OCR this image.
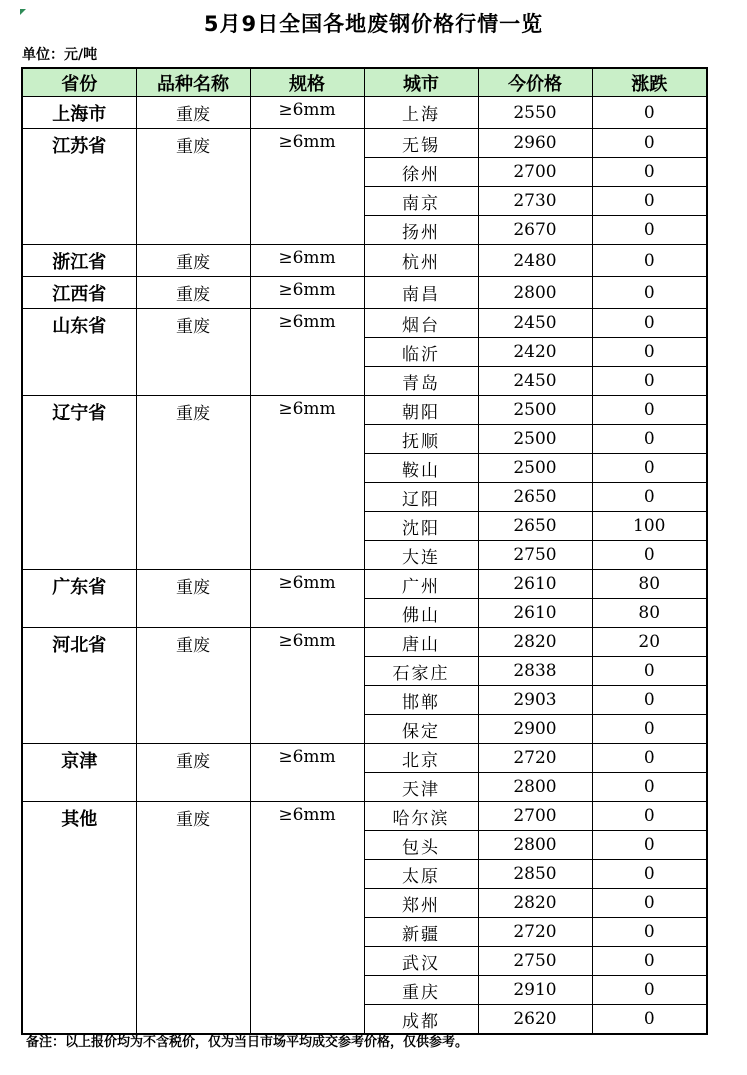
5月9日全国各地废钢价格行情一览
单位：元/吨
省份	品种名称	规格	城市	今价格	涨跌
上海市	重废	≥6mm	上海	2550	0
江苏省	重废	≥6mm	无锡	2960	0
			徐州	2700	0
			南京	2730	0
			扬州	2670	0
浙江省	重废	≥6mm	杭州	2480	0
江西省	重废	≥6mm	南昌	2800	0
山东省	重废	≥6mm	烟台	2450	0
			临沂	2420	0
			青岛	2450	0
辽宁省	重废	≥6mm	朝阳	2500	0
			抚顺	2500	0
			鞍山	2500	0
			辽阳	2650	0
			沈阳	2650	100
			大连	2750	0
广东省	重废	≥6mm	广州	2610	80
			佛山	2610	80
河北省	重废	≥6mm	唐山	2820	20
			石家庄	2838	0
			邯郸	2903	0
			保定	2900	0
京津	重废	≥6mm	北京	2720	0
			天津	2800	0
其他	重废	≥6mm	哈尔滨	2700	0
			包头	2800	0
			太原	2850	0
			郑州	2820	0
			新疆	2720	0
			武汉	2750	0
			重庆	2910	0
			成都	2620	0
备注：以上报价均为不含税价，仅为当日市场平均成交参考价格，仅供参考。
